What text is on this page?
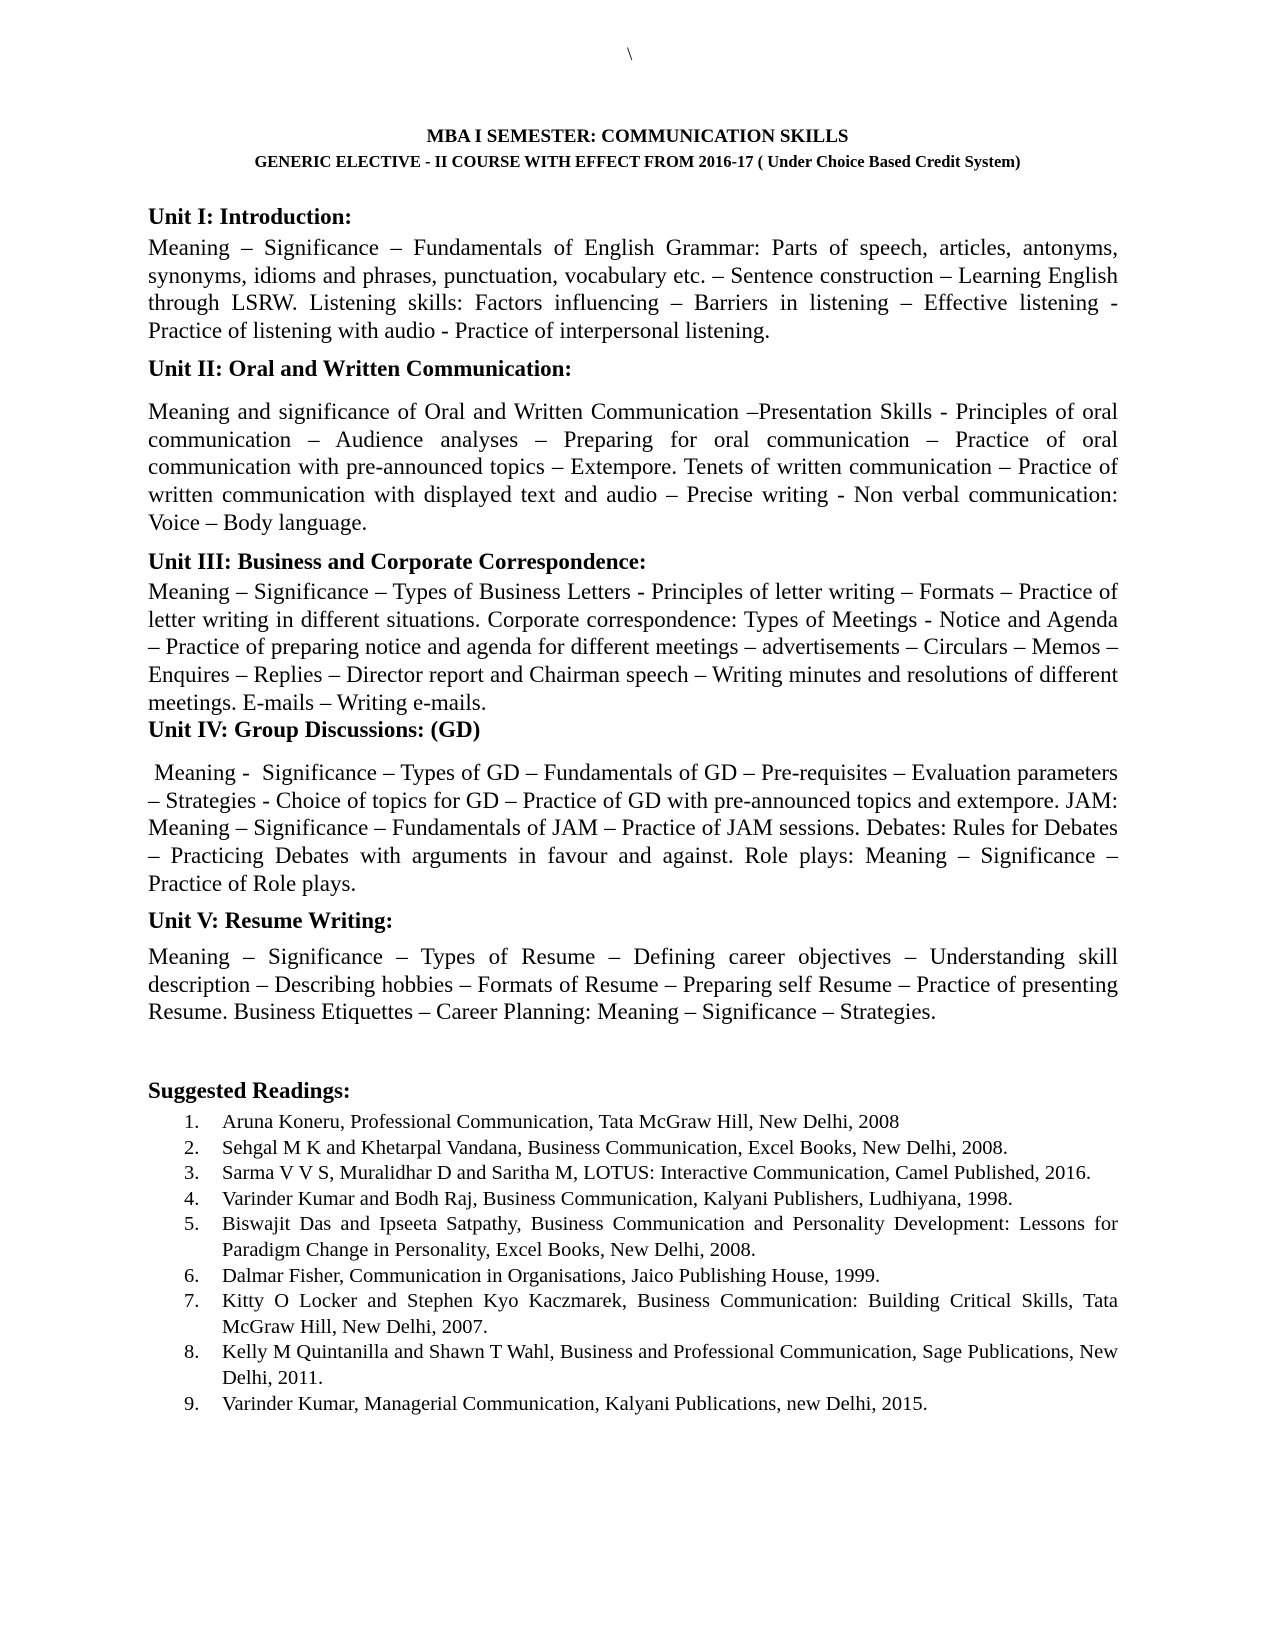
\
MBA I SEMESTER: COMMUNICATION SKILLS
GENERIC ELECTIVE - II COURSE WITH EFFECT FROM 2016-17 ( Under Choice Based Credit System)
Unit I: Introduction:

Meaning – Significance – Fundamentals of English Grammar: Parts of speech, articles, antonyms, synonyms, idioms and phrases, punctuation, vocabulary etc. – Sentence construction – Learning English through LSRW. Listening skills: Factors influencing – Barriers in listening – Effective listening - Practice of listening with audio - Practice of interpersonal listening.

Unit II: Oral and Written Communication:

Meaning and significance of Oral and Written Communication –Presentation Skills - Principles of oral communication – Audience analyses – Preparing for oral communication – Practice of oral communication with pre-announced topics – Extempore. Tenets of written communication – Practice of written communication with displayed text and audio – Precise writing - Non verbal communication: Voice – Body language.

Unit III: Business and Corporate Correspondence:

Meaning – Significance – Types of Business Letters - Principles of letter writing – Formats – Practice of letter writing in different situations. Corporate correspondence: Types of Meetings - Notice and Agenda – Practice of preparing notice and agenda for different meetings – advertisements – Circulars – Memos – Enquires – Replies – Director report and Chairman speech – Writing minutes and resolutions of different meetings. E-mails – Writing e-mails.

Unit IV: Group Discussions: (GD)

Meaning -  Significance – Types of GD – Fundamentals of GD – Pre-requisites – Evaluation parameters – Strategies - Choice of topics for GD – Practice of GD with pre-announced topics and extempore. JAM: Meaning – Significance – Fundamentals of JAM – Practice of JAM sessions. Debates: Rules for Debates – Practicing Debates with arguments in favour and against. Role plays: Meaning – Significance – Practice of Role plays.

Unit V: Resume Writing:

Meaning – Significance – Types of Resume – Defining career objectives – Understanding skill description – Describing hobbies – Formats of Resume – Preparing self Resume – Practice of presenting Resume. Business Etiquettes – Career Planning: Meaning – Significance – Strategies.

Suggested Readings:
1. Aruna Koneru, Professional Communication, Tata McGraw Hill, New Delhi, 2008
2. Sehgal M K and Khetarpal Vandana, Business Communication, Excel Books, New Delhi, 2008.
3. Sarma V V S, Muralidhar D and Saritha M, LOTUS: Interactive Communication, Camel Published, 2016.
4. Varinder Kumar and Bodh Raj, Business Communication, Kalyani Publishers, Ludhiyana, 1998.
5. Biswajit Das and Ipseeta Satpathy, Business Communication and Personality Development: Lessons for Paradigm Change in Personality, Excel Books, New Delhi, 2008.
6. Dalmar Fisher, Communication in Organisations, Jaico Publishing House, 1999.
7. Kitty O Locker and Stephen Kyo Kaczmarek, Business Communication: Building Critical Skills, Tata McGraw Hill, New Delhi, 2007.
8. Kelly M Quintanilla and Shawn T Wahl, Business and Professional Communication, Sage Publications, New Delhi, 2011.
9. Varinder Kumar, Managerial Communication, Kalyani Publications, new Delhi, 2015.
